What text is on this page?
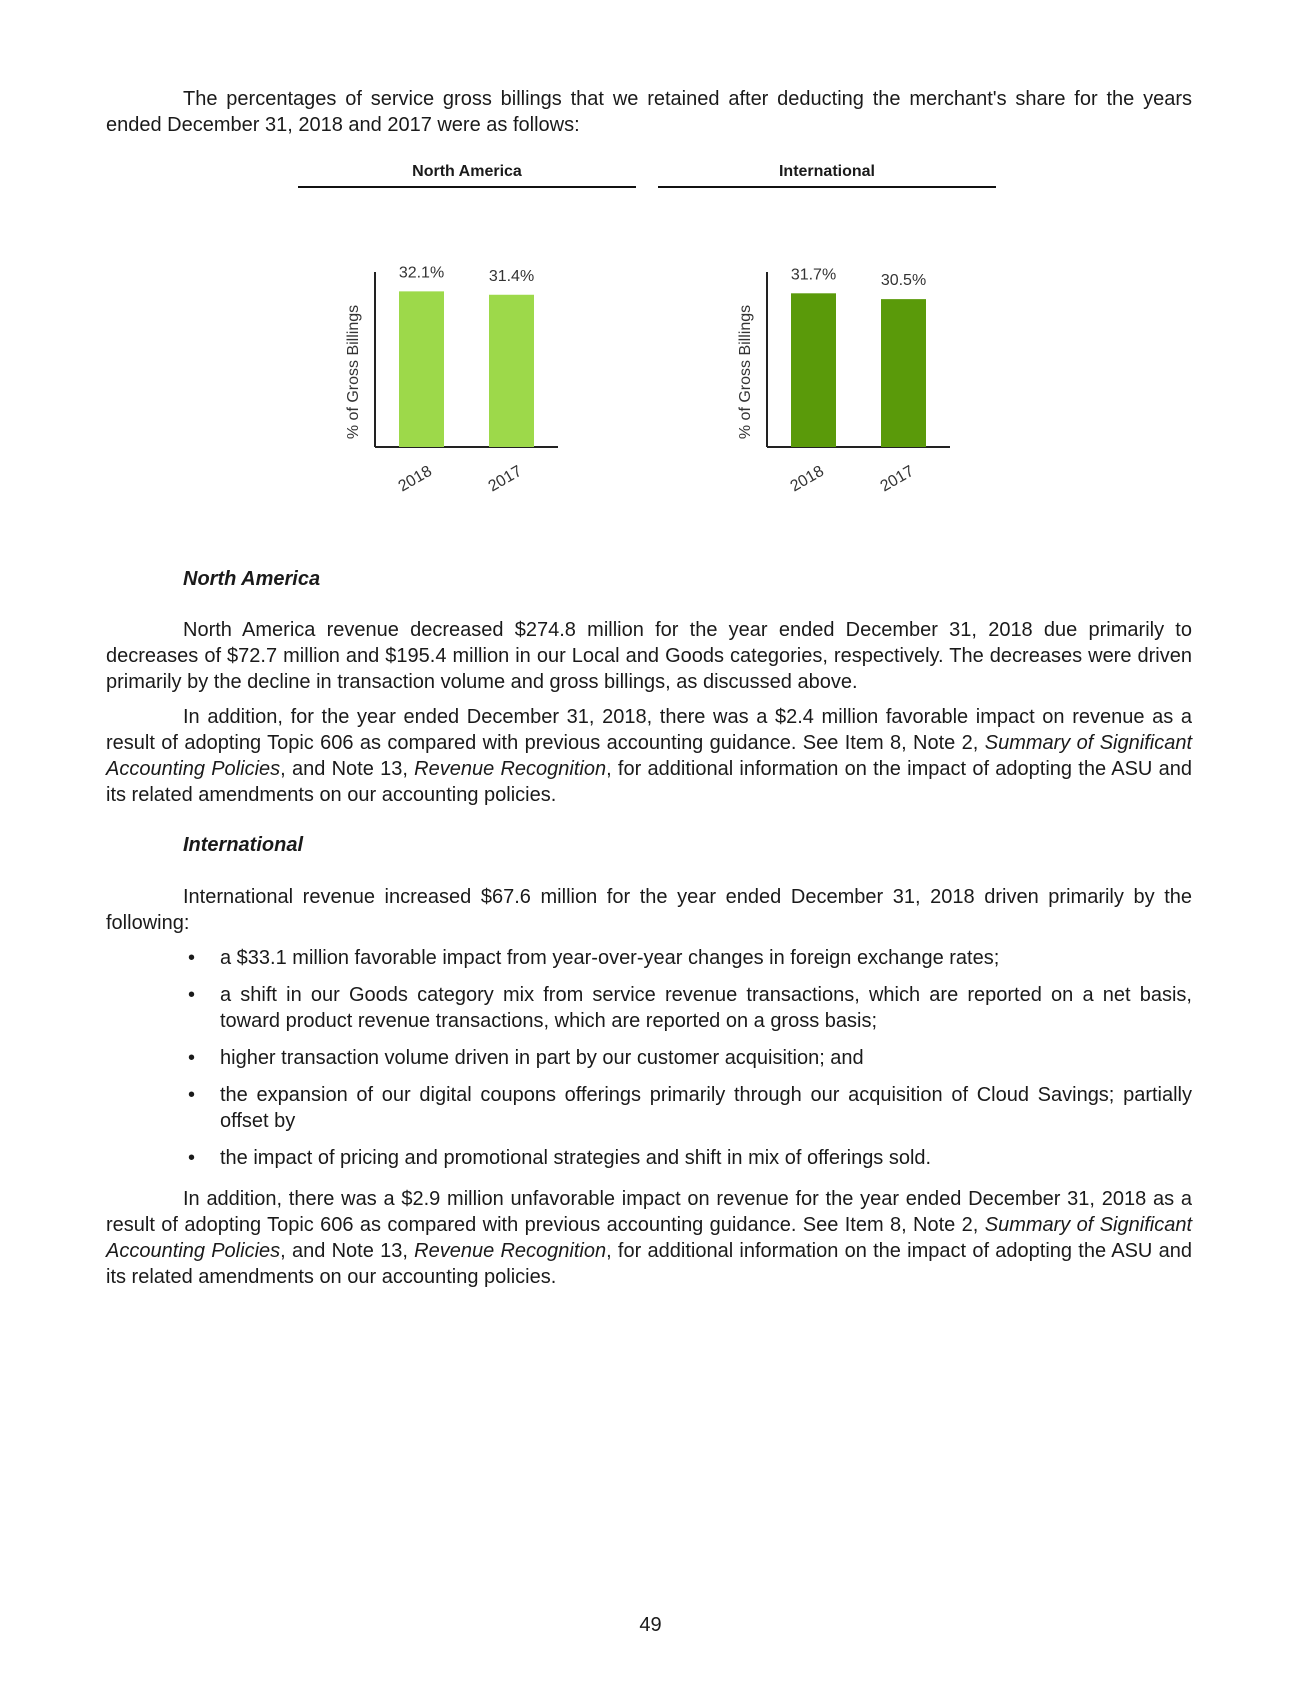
The percentages of service gross billings that we retained after deducting the merchant's share for the years ended December 31, 2018 and 2017 were as follows:

North America

North America revenue decreased $274.8 million for the year ended December 31, 2018 due primarily to decreases of $72.7 million and $195.4 million in our Local and Goods categories, respectively. The decreases were driven primarily by the decline in transaction volume and gross billings, as discussed above.

In addition, for the year ended December 31, 2018, there was a $2.4 million favorable impact on revenue as a result of adopting Topic 606 as compared with previous accounting guidance. See Item 8, Note 2, Summary of Significant Accounting Policies, and Note 13, Revenue Recognition, for additional information on the impact of adopting the ASU and its related amendments on our accounting policies.

International

International revenue increased $67.6 million for the year ended December 31, 2018 driven primarily by the following:

• a $33.1 million favorable impact from year-over-year changes in foreign exchange rates;
• a shift in our Goods category mix from service revenue transactions, which are reported on a net basis, toward product revenue transactions, which are reported on a gross basis;
• higher transaction volume driven in part by our customer acquisition; and
• the expansion of our digital coupons offerings primarily through our acquisition of Cloud Savings; partially offset by
• the impact of pricing and promotional strategies and shift in mix of offerings sold.

In addition, there was a $2.9 million unfavorable impact on revenue for the year ended December 31, 2018 as a result of adopting Topic 606 as compared with previous accounting guidance. See Item 8, Note 2, Summary of Significant Accounting Policies, and Note 13, Revenue Recognition, for additional information on the impact of adopting the ASU and its related amendments on our accounting policies.

North America
% of Gross Billings
32.1%
2018
31.4%
2017
International
% of Gross Billings
31.7%
2018
30.5%
2017
49
